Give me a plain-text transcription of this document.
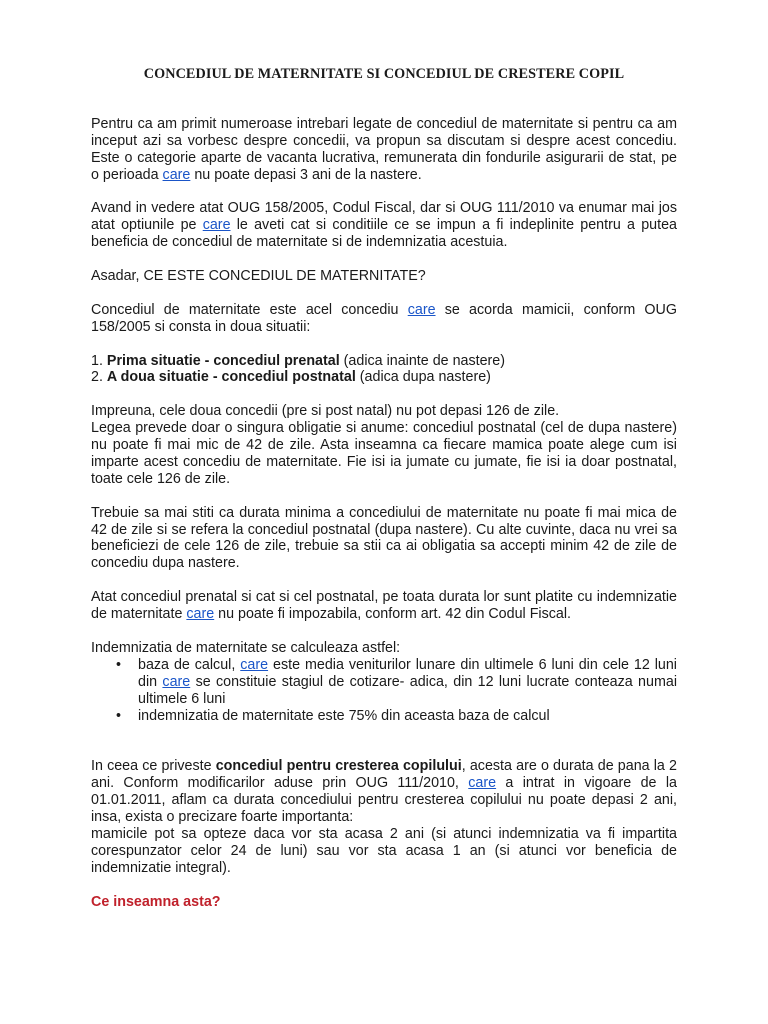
CONCEDIUL DE MATERNITATE SI CONCEDIUL DE CRESTERE COPIL

Pentru ca am primit numeroase intrebari legate de concediul de maternitate si pentru ca am inceput azi sa vorbesc despre concedii, va propun sa discutam si despre acest concediu. Este o categorie aparte de vacanta lucrativa, remunerata din fondurile asigurarii de stat, pe o perioada care nu poate depasi 3 ani de la nastere.

Avand in vedere atat OUG 158/2005, Codul Fiscal, dar si OUG 111/2010 va enumar mai jos atat optiunile pe care le aveti cat si conditiile ce se impun a fi indeplinite pentru a putea beneficia de concediul de maternitate si de indemnizatia acestuia.

Asadar, CE ESTE CONCEDIUL DE MATERNITATE?

Concediul de maternitate este acel concediu care se acorda mamicii, conform OUG 158/2005 si consta in doua situatii:

1. Prima situatie - concediul prenatal (adica inainte de nastere)
2. A doua situatie - concediul postnatal (adica dupa nastere)
Impreuna, cele doua concedii (pre si post natal) nu pot depasi 126 de zile.
Legea prevede doar o singura obligatie si anume: concediul postnatal (cel de dupa nastere) nu poate fi mai mic de 42 de zile. Asta inseamna ca fiecare mamica poate alege cum isi imparte acest concediu de maternitate. Fie isi ia jumate cu jumate, fie isi ia doar postnatal, toate cele 126 de zile.

Trebuie sa mai stiti ca durata minima a concediului de maternitate nu poate fi mai mica de 42 de zile si se refera la concediul postnatal (dupa nastere). Cu alte cuvinte, daca nu vrei sa beneficiezi de cele 126 de zile, trebuie sa stii ca ai obligatia sa accepti minim 42 de zile de concediu dupa nastere.

Atat concediul prenatal si cat si cel postnatal, pe toata durata lor sunt platite cu indemnizatie de maternitate care nu poate fi impozabila, conform art. 42 din Codul Fiscal.

Indemnizatia de maternitate se calculeaza astfel:
• baza de calcul, care este media veniturilor lunare din ultimele 6 luni din cele 12 luni din care se constituie stagiul de cotizare- adica, din 12 luni lucrate conteaza numai ultimele 6 luni
• indemnizatia de maternitate este 75% din aceasta baza de calcul
In ceea ce priveste concediul pentru cresterea copilului, acesta are o durata de pana la 2 ani. Conform modificarilor aduse prin OUG 111/2010, care a intrat in vigoare de la 01.01.2011, aflam ca durata concediului pentru cresterea copilului nu poate depasi 2 ani, insa, exista o precizare foarte importanta:
mamicile pot sa opteze daca vor sta acasa 2 ani (si atunci indemnizatia va fi impartita corespunzator celor 24 de luni) sau vor sta acasa 1 an (si atunci vor beneficia de indemnizatie integral).
Ce inseamna asta?
